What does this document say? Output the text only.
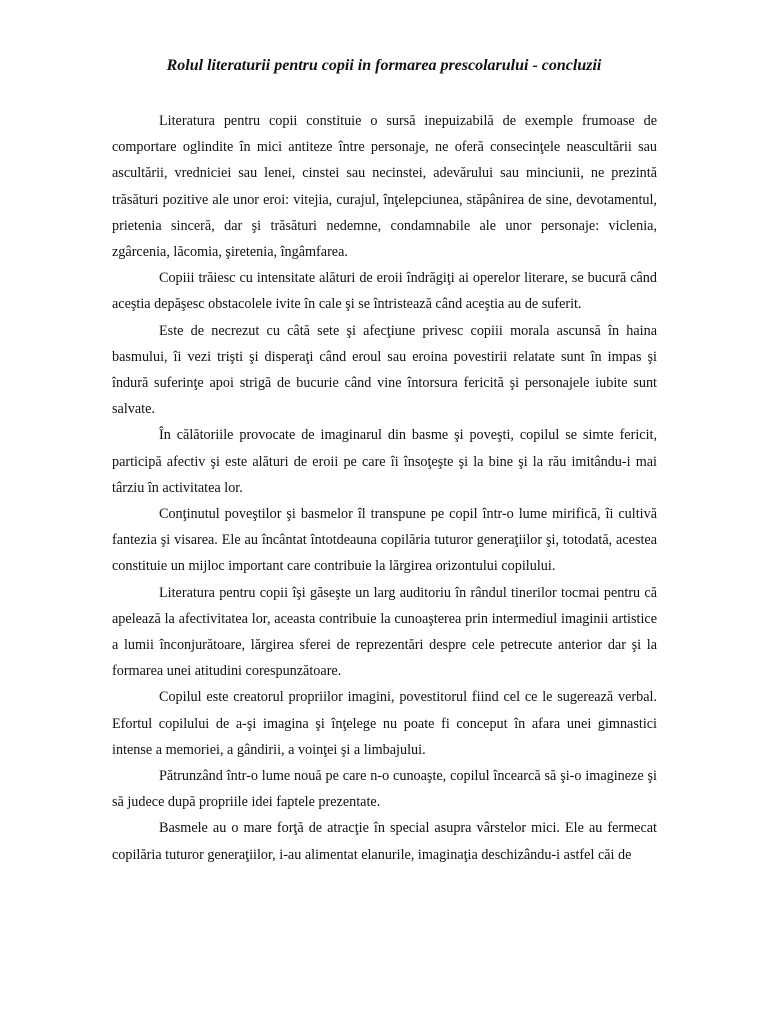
Rolul literaturii pentru copii in formarea prescolarului - concluzii

Literatura pentru copii constituie o sursă inepuizabilă de exemple frumoase de comportare oglindite în mici antiteze între personaje, ne oferă consecinţele neascultării sau ascultării, vredniciei sau lenei, cinstei sau necinstei, adevărului sau minciunii, ne prezintă trăsături pozitive ale unor eroi: vitejia, curajul, înţelepciunea, stăpânirea de sine, devotamentul, prietenia sinceră, dar şi trăsături nedemne, condamnabile ale unor personaje: viclenia, zgârcenia, lăcomia, şiretenia, îngâmfarea.

Copiii trăiesc cu intensitate alături de eroii îndrăgiţi ai operelor literare, se bucură când aceştia depăşesc obstacolele ivite în cale şi se întristează când aceştia au de suferit.

Este de necrezut cu câtă sete şi afecţiune privesc copiii morala ascunsă în haina basmului, îi vezi trişti şi disperaţi când eroul sau eroina povestirii relatate sunt în impas şi îndură suferinţe apoi strigă de bucurie când vine întorsura fericită şi personajele iubite sunt salvate.

În călătoriile provocate de imaginarul din basme şi poveşti, copilul se simte fericit, participă afectiv şi este alături de eroii pe care îi însoţeşte şi la bine şi la rău imitându-i mai târziu în activitatea lor.

Conţinutul poveştilor şi basmelor îl transpune pe copil într-o lume mirifică, îi cultivă fantezia şi visarea. Ele au încântat întotdeauna copilăria tuturor generaţiilor şi, totodată, acestea constituie un mijloc important care contribuie la lărgirea orizontului copilului.

Literatura pentru copii îşi găseşte un larg auditoriu în rândul tinerilor tocmai pentru că apelează la afectivitatea lor, aceasta contribuie la cunoaşterea prin intermediul imaginii artistice a lumii înconjurătoare, lărgirea sferei de reprezentări despre cele petrecute anterior dar şi la formarea unei atitudini corespunzătoare.

Copilul este creatorul propriilor imagini, povestitorul fiind cel ce le sugerează verbal. Efortul copilului de a-şi imagina şi înţelege nu poate fi conceput în afara unei gimnastici intense a memoriei, a gândirii, a voinţei şi a limbajului.

Pătrunzând într-o lume nouă pe care n-o cunoaşte, copilul încearcă să şi-o imagineze şi să judece după propriile idei faptele prezentate.

Basmele au o mare forţă de atracţie în special asupra vârstelor mici. Ele au fermecat copilăria tuturor generaţiilor, i-au alimentat elanurile, imaginaţia deschizându-i astfel căi de
